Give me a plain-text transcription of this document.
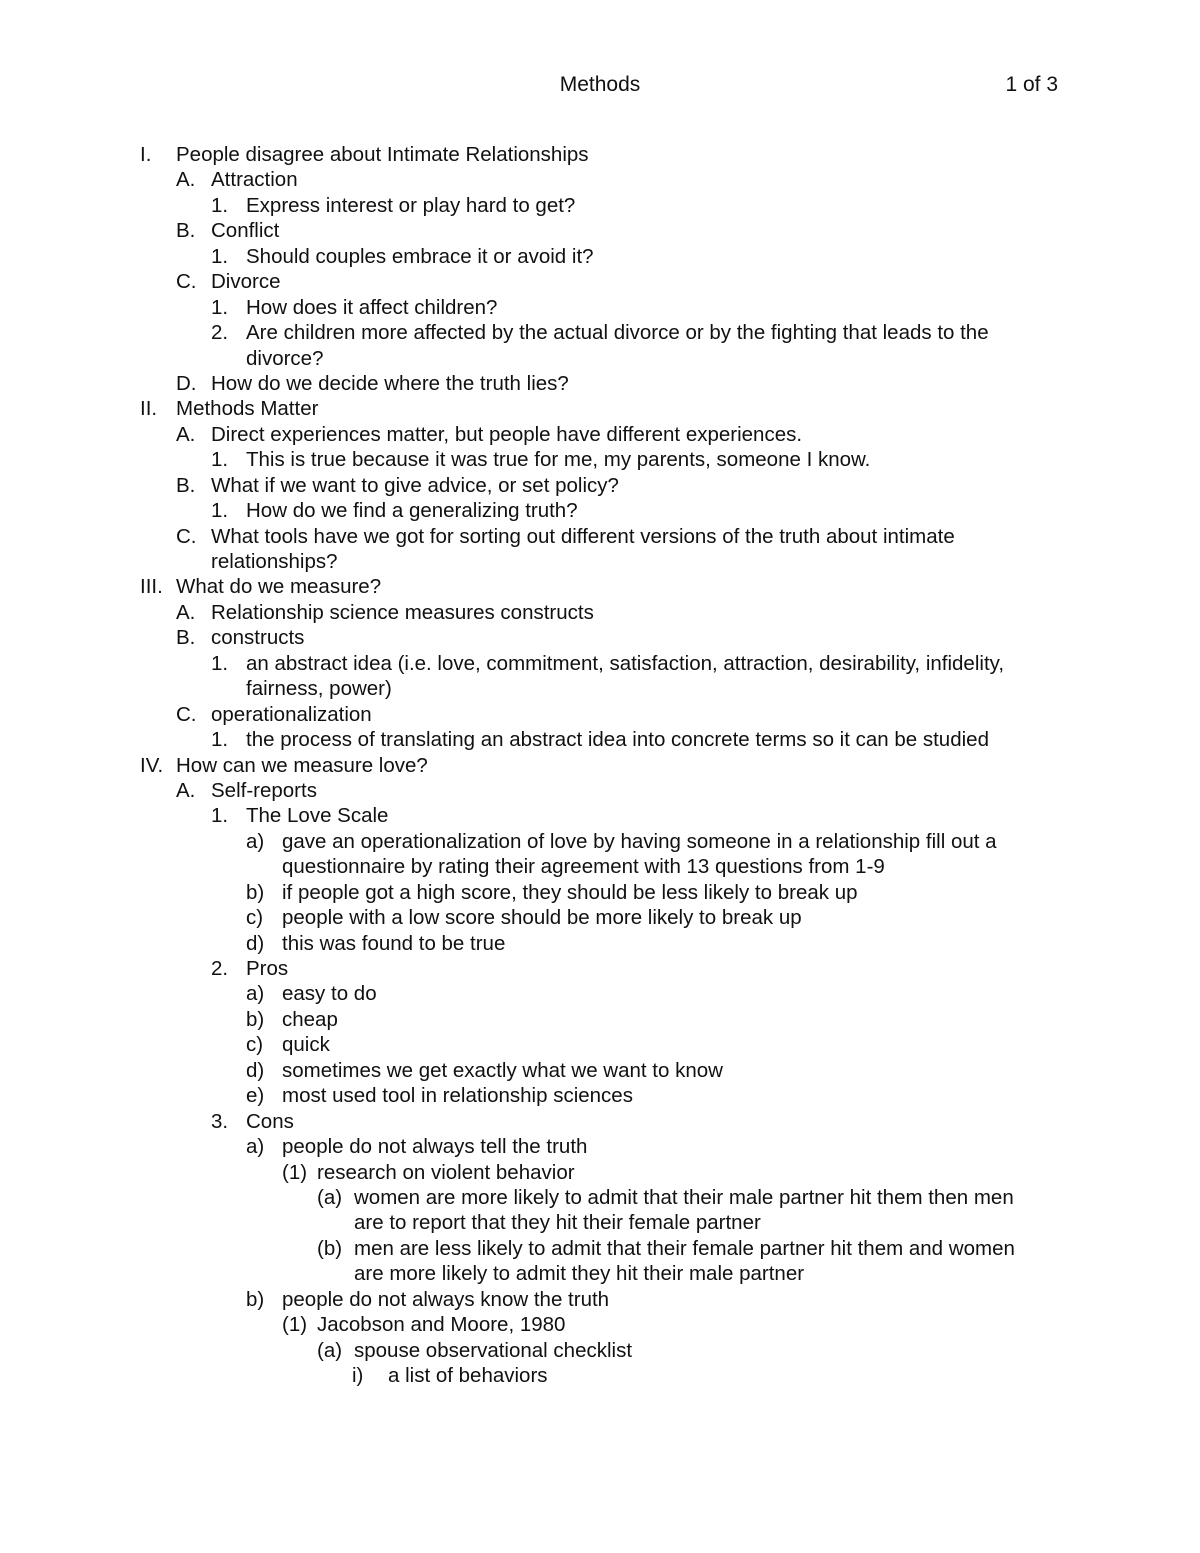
Methods	1 of 3
I. People disagree about Intimate Relationships
A. Attraction
1. Express interest or play hard to get?
B. Conflict
1. Should couples embrace it or avoid it?
C. Divorce
1. How does it affect children?
2. Are children more affected by the actual divorce or by the fighting that leads to the
divorce?
D. How do we decide where the truth lies?
II. Methods Matter
A. Direct experiences matter, but people have different experiences.
1. This is true because it was true for me, my parents, someone I know.
B. What if we want to give advice, or set policy?
1. How do we find a generalizing truth?
C. What tools have we got for sorting out different versions of the truth about intimate
relationships?
III. What do we measure?
A. Relationship science measures constructs
B. constructs
1. an abstract idea (i.e. love, commitment, satisfaction, attraction, desirability, infidelity,
fairness, power)
C. operationalization
1. the process of translating an abstract idea into concrete terms so it can be studied
IV. How can we measure love?
A. Self-reports
1. The Love Scale
a) gave an operationalization of love by having someone in a relationship fill out a
questionnaire by rating their agreement with 13 questions from 1-9
b) if people got a high score, they should be less likely to break up
c) people with a low score should be more likely to break up
d) this was found to be true
2. Pros
a) easy to do
b) cheap
c) quick
d) sometimes we get exactly what we want to know
e) most used tool in relationship sciences
3. Cons
a) people do not always tell the truth
(1) research on violent behavior
(a) women are more likely to admit that their male partner hit them then men
are to report that they hit their female partner
(b) men are less likely to admit that their female partner hit them and women
are more likely to admit they hit their male partner
b) people do not always know the truth
(1) Jacobson and Moore, 1980
(a) spouse observational checklist
i) a list of behaviors
